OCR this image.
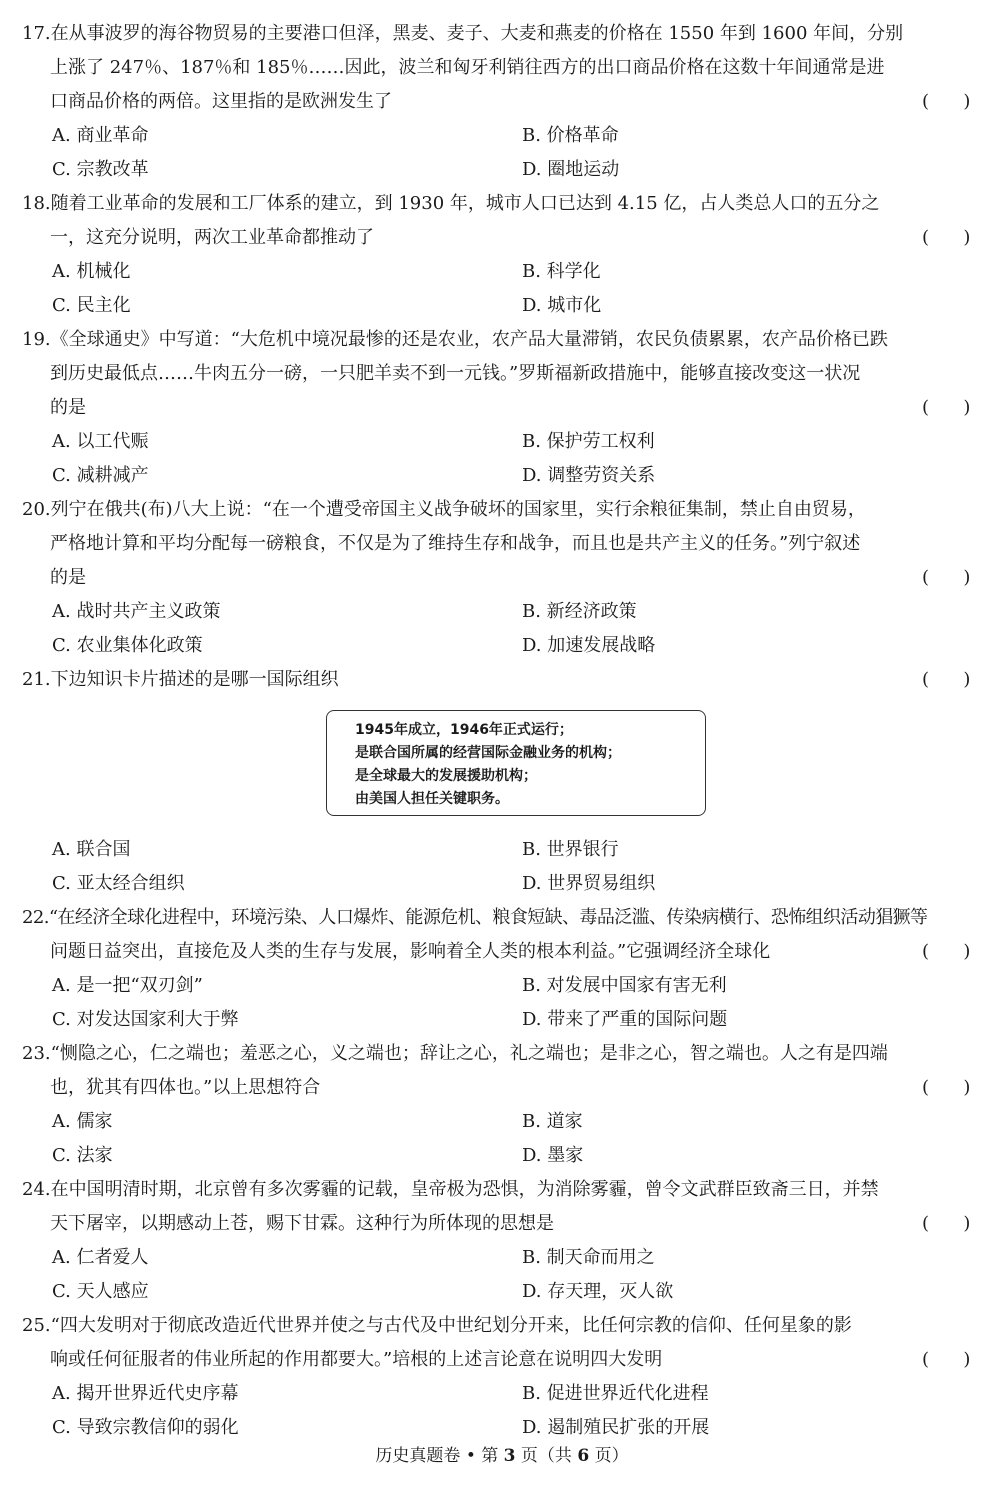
17.在从事波罗的海谷物贸易的主要港口但泽，黑麦、麦子、大麦和燕麦的价格在 1550 年到 1600 年间，分别
上涨了 247％、187％和 185％……因此，波兰和匈牙利销往西方的出口商品价格在这数十年间通常是进
口商品价格的两倍。这里指的是欧洲发生了	(      )
A. 商业革命	B. 价格革命
C. 宗教改革	D. 圈地运动
18.随着工业革命的发展和工厂体系的建立，到 1930 年，城市人口已达到 4.15 亿，占人类总人口的五分之
一，这充分说明，两次工业革命都推动了	(      )
A. 机械化	B. 科学化
C. 民主化	D. 城市化
19.《全球通史》中写道：“大危机中境况最惨的还是农业，农产品大量滞销，农民负债累累，农产品价格已跌
到历史最低点……牛肉五分一磅，一只肥羊卖不到一元钱。”罗斯福新政措施中，能够直接改变这一状况
的是	(      )
A. 以工代赈	B. 保护劳工权利
C. 减耕减产	D. 调整劳资关系
20.列宁在俄共(布)八大上说：“在一个遭受帝国主义战争破坏的国家里，实行余粮征集制，禁止自由贸易，
严格地计算和平均分配每一磅粮食，不仅是为了维持生存和战争，而且也是共产主义的任务。”列宁叙述
的是	(      )
A. 战时共产主义政策	B. 新经济政策
C. 农业集体化政策	D. 加速发展战略
21.下边知识卡片描述的是哪一国际组织	(      )
1945年成立，1946年正式运行；
是联合国所属的经营国际金融业务的机构；
是全球最大的发展援助机构；
由美国人担任关键职务。
A. 联合国	B. 世界银行
C. 亚太经合组织	D. 世界贸易组织
22.“在经济全球化进程中，环境污染、人口爆炸、能源危机、粮食短缺、毒品泛滥、传染病横行、恐怖组织活动猖獗等
问题日益突出，直接危及人类的生存与发展，影响着全人类的根本利益。”它强调经济全球化	(      )
A. 是一把“双刃剑”	B. 对发展中国家有害无利
C. 对发达国家利大于弊	D. 带来了严重的国际问题
23.“恻隐之心，仁之端也；羞恶之心，义之端也；辞让之心，礼之端也；是非之心，智之端也。人之有是四端
也，犹其有四体也。”以上思想符合	(      )
A. 儒家	B. 道家
C. 法家	D. 墨家
24.在中国明清时期，北京曾有多次雾霾的记载，皇帝极为恐惧，为消除雾霾，曾令文武群臣致斋三日，并禁
天下屠宰，以期感动上苍，赐下甘霖。这种行为所体现的思想是	(      )
A. 仁者爱人	B. 制天命而用之
C. 天人感应	D. 存天理，灭人欲
25.“四大发明对于彻底改造近代世界并使之与古代及中世纪划分开来，比任何宗教的信仰、任何星象的影
响或任何征服者的伟业所起的作用都要大。”培根的上述言论意在说明四大发明	(      )
A. 揭开世界近代史序幕	B. 促进世界近代化进程
C. 导致宗教信仰的弱化	D. 遏制殖民扩张的开展
历史真题卷 • 第 3 页（共 6 页）
